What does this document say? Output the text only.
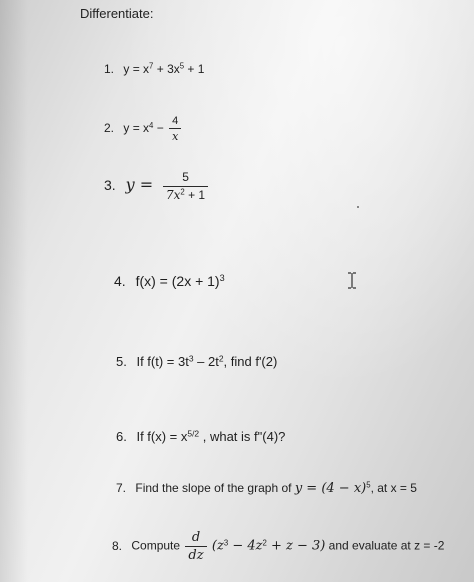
Differentiate:
1. $y = x^7 + 3x^5 + 1$
2. $y = x^4 - \frac{4}{x}$
3. $y = \frac{5}{7x^2 + 1}$
4. $f(x) = (2x + 1)^3$
5. If $f(t) = 3t^3 - 2t^2$, find f'(2)
6. If $f(x) = x^{5/2}$ , what is f"(4)?
7. Find the slope of the graph of $y = (4 - x)^5$, at x = 5
8. Compute $\frac{d}{dz} (z^3 - 4z^2 + z - 3)$ and evaluate at z = -2
